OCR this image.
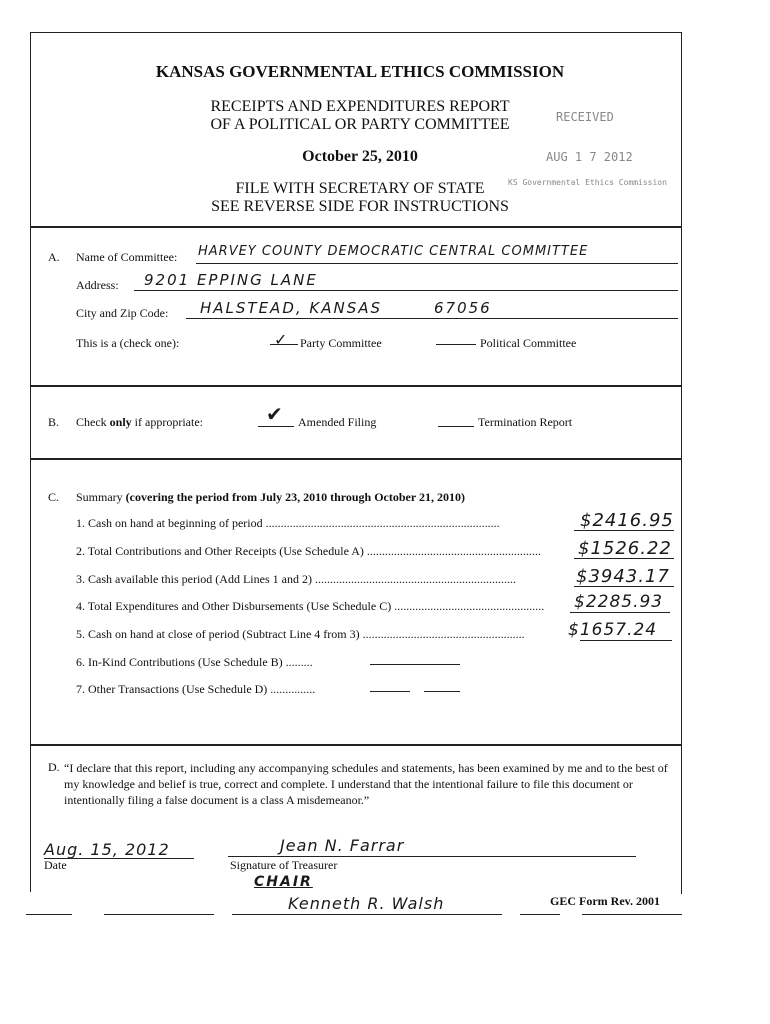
KANSAS GOVERNMENTAL ETHICS COMMISSION
RECEIPTS AND EXPENDITURES REPORT
OF A POLITICAL OR PARTY COMMITTEE
October 25, 2010
FILE WITH SECRETARY OF STATE
SEE REVERSE SIDE FOR INSTRUCTIONS
RECEIVED
AUG 1 7 2012
KS Governmental Ethics Commission
A. Name of Committee: HARVEY COUNTY DEMOCRATIC CENTRAL COMMITTEE
Address: 9201 EPPING LANE
City and Zip Code: HALSTEAD, KANSAS	67056
This is a (check one):	✓ Party Committee	Political Committee
B. Check only if appropriate:	✔ Amended Filing	Termination Report
C. Summary (covering the period from July 23, 2010 through October 21, 2010)
1. Cash on hand at beginning of period ..............................................................................	$2416.95
2. Total Contributions and Other Receipts (Use Schedule A) ..........................................................	$1526.22
3. Cash available this period (Add Lines 1 and 2) ...................................................................	$3943.17
4. Total Expenditures and Other Disbursements (Use Schedule C) ..................................................	$2285.93
5. Cash on hand at close of period (Subtract Line 4 from 3) ......................................................	$1657.24
6. In-Kind Contributions (Use Schedule B) .........
7. Other Transactions (Use Schedule D) ...............
D. “I declare that this report, including any accompanying schedules and statements, has been examined by me and to the best of my knowledge and belief is true, correct and complete. I understand that the intentional failure to file this document or intentionally filing a false document is a class A misdemeanor.”
Aug. 15, 2012
Date
Jean N. Farrar
Signature of Treasurer
CHAIR
Kenneth R. Walsh	GEC Form Rev. 2001
